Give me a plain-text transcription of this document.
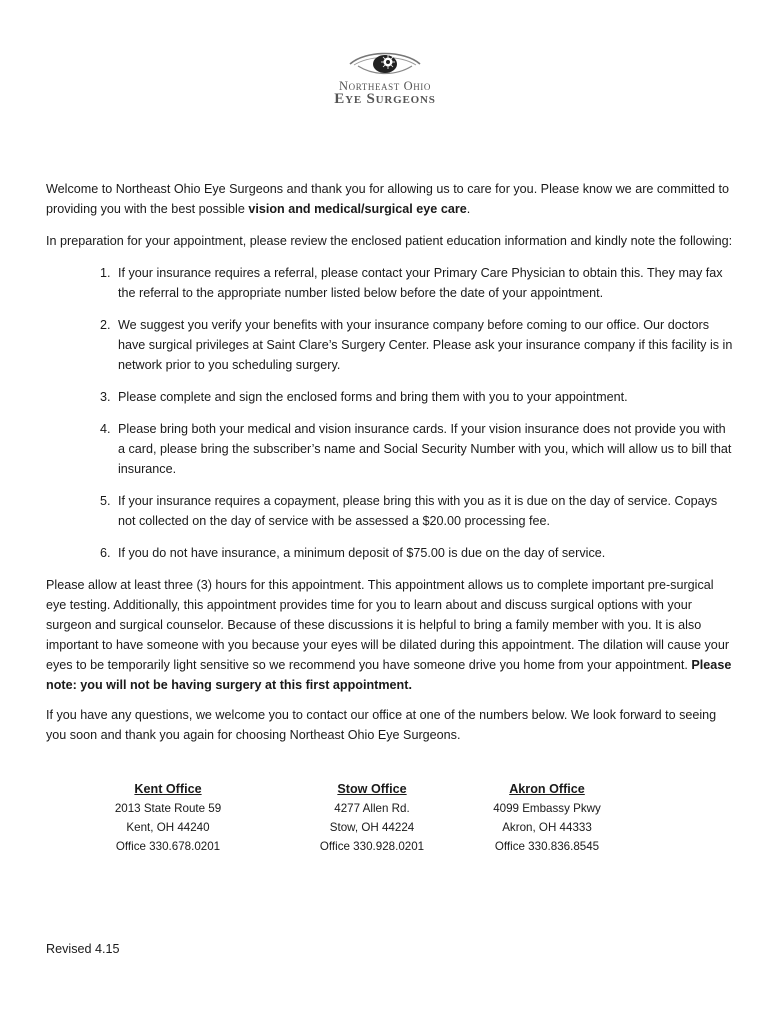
Northeast Ohio
Eye Surgeons

Welcome to Northeast Ohio Eye Surgeons and thank you for allowing us to care for you. Please know we are committed to providing you with the best possible vision and medical/surgical eye care.

In preparation for your appointment, please review the enclosed patient education information and kindly note the following:

1. If your insurance requires a referral, please contact your Primary Care Physician to obtain this. They may fax the referral to the appropriate number listed below before the date of your appointment.
2. We suggest you verify your benefits with your insurance company before coming to our office. Our doctors have surgical privileges at Saint Clare’s Surgery Center. Please ask your insurance company if this facility is in network prior to you scheduling surgery.
3. Please complete and sign the enclosed forms and bring them with you to your appointment.
4. Please bring both your medical and vision insurance cards. If your vision insurance does not provide you with a card, please bring the subscriber’s name and Social Security Number with you, which will allow us to bill that insurance.
5. If your insurance requires a copayment, please bring this with you as it is due on the day of service. Copays not collected on the day of service with be assessed a $20.00 processing fee.
6. If you do not have insurance, a minimum deposit of $75.00 is due on the day of service.

Please allow at least three (3) hours for this appointment. This appointment allows us to complete important pre-surgical eye testing. Additionally, this appointment provides time for you to learn about and discuss surgical options with your surgeon and surgical counselor. Because of these discussions it is helpful to bring a family member with you. It is also important to have someone with you because your eyes will be dilated during this appointment. The dilation will cause your eyes to be temporarily light sensitive so we recommend you have someone drive you home from your appointment. Please note: you will not be having surgery at this first appointment.

If you have any questions, we welcome you to contact our office at one of the numbers below. We look forward to seeing you soon and thank you again for choosing Northeast Ohio Eye Surgeons.

Kent Office
2013 State Route 59
Kent, OH 44240
Office 330.678.0201
Stow Office
4277 Allen Rd.
Stow, OH 44224
Office 330.928.0201
Akron Office
4099 Embassy Pkwy
Akron, OH 44333
Office 330.836.8545
Revised 4.15
